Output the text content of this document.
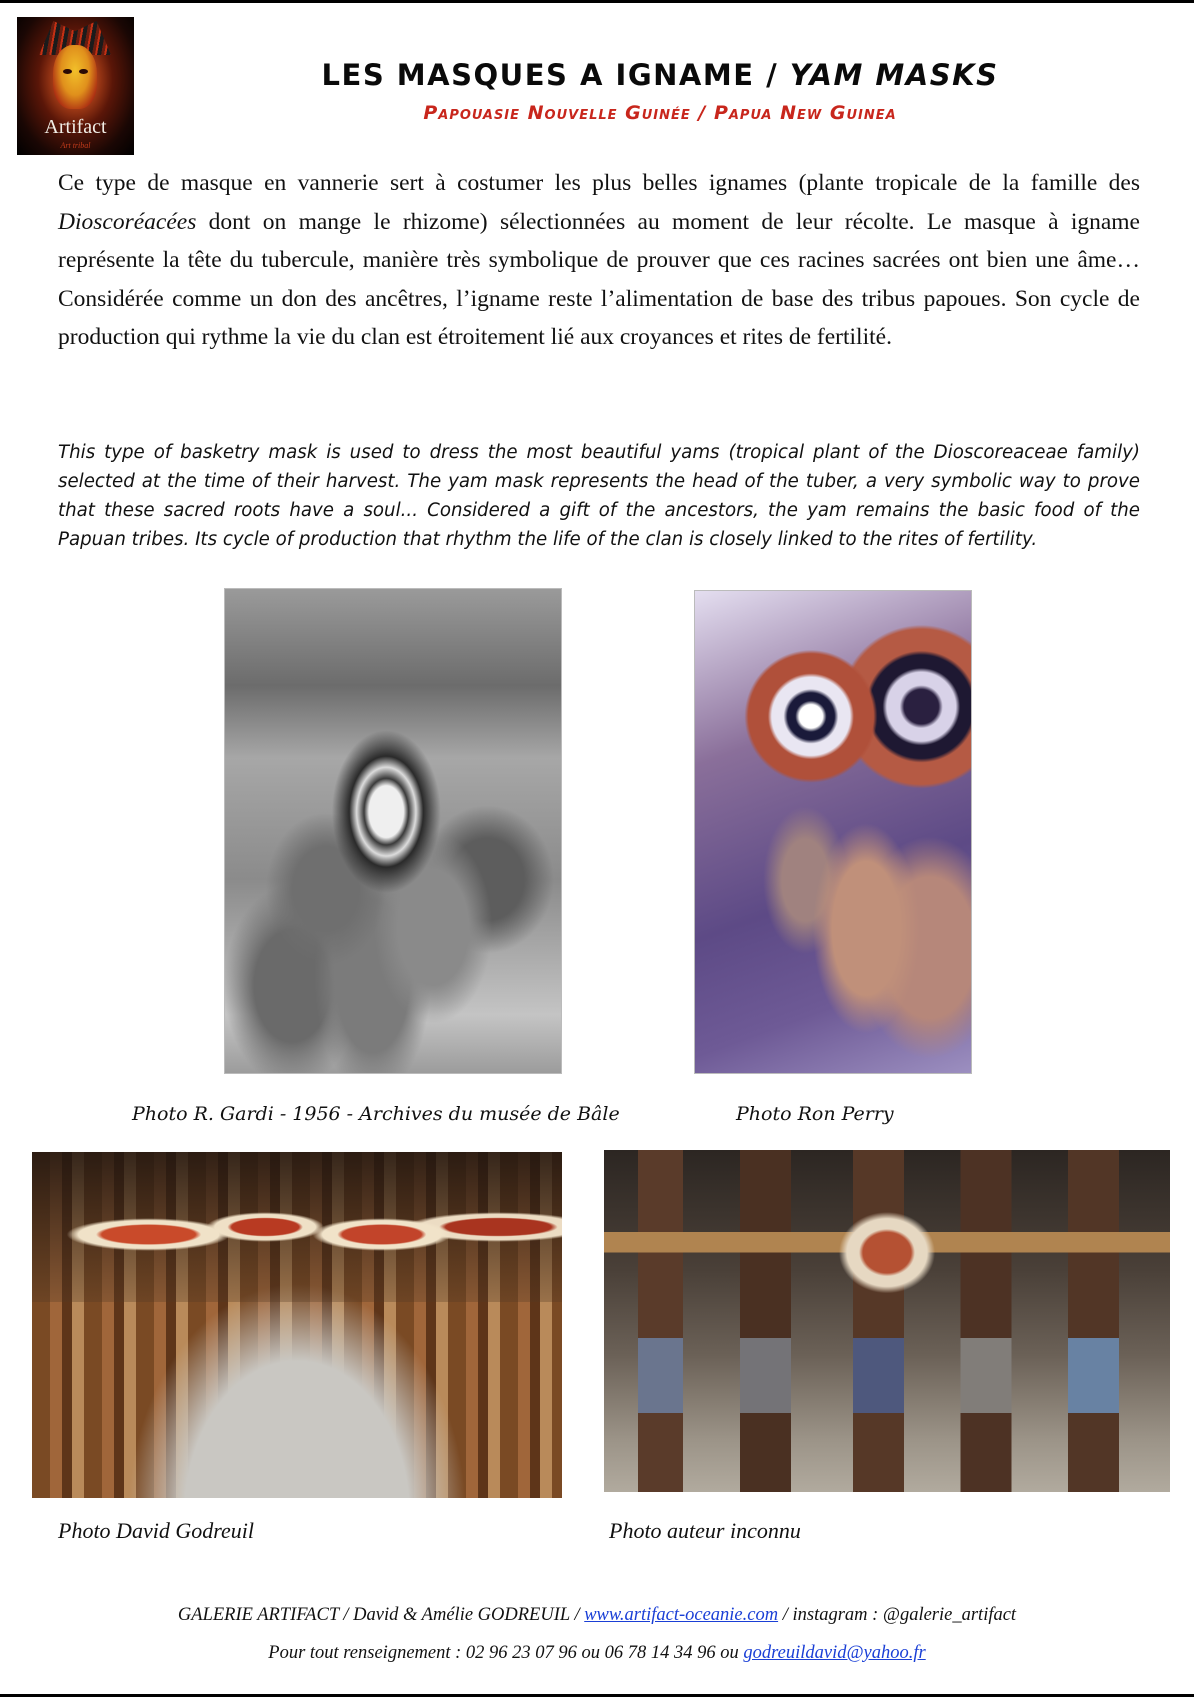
Artifact
Art tribal
LES MASQUES A IGNAME / YAM MASKS
Papouasie Nouvelle Guinée / Papua New Guinea
Ce type de masque en vannerie sert à costumer les plus belles ignames (plante tropicale de la famille des Dioscoréacées dont on mange le rhizome) sélectionnées au moment de leur récolte. Le masque à igname représente la tête du tubercule, manière très symbolique de prouver que ces racines sacrées ont bien une âme… Considérée comme un don des ancêtres, l’igname reste l’alimentation de base des tribus papoues. Son cycle de production qui rythme la vie du clan est étroitement lié aux croyances et rites de fertilité.
This type of basketry mask is used to dress the most beautiful yams (tropical plant of the Dioscoreaceae family) selected at the time of their harvest. The yam mask represents the head of the tuber, a very symbolic way to prove that these sacred roots have a soul... Considered a gift of the ancestors, the yam remains the basic food of the Papuan tribes. Its cycle of production that rhythm the life of the clan is closely linked to the rites of fertility.
Photo R. Gardi - 1956 - Archives du musée de Bâle	Photo Ron Perry
Photo David Godreuil	Photo auteur inconnu
GALERIE ARTIFACT / David & Amélie GODREUIL / www.artifact-oceanie.com / instagram : @galerie_artifact
Pour tout renseignement : 02 96 23 07 96 ou 06 78 14 34 96 ou godreuildavid@yahoo.fr
